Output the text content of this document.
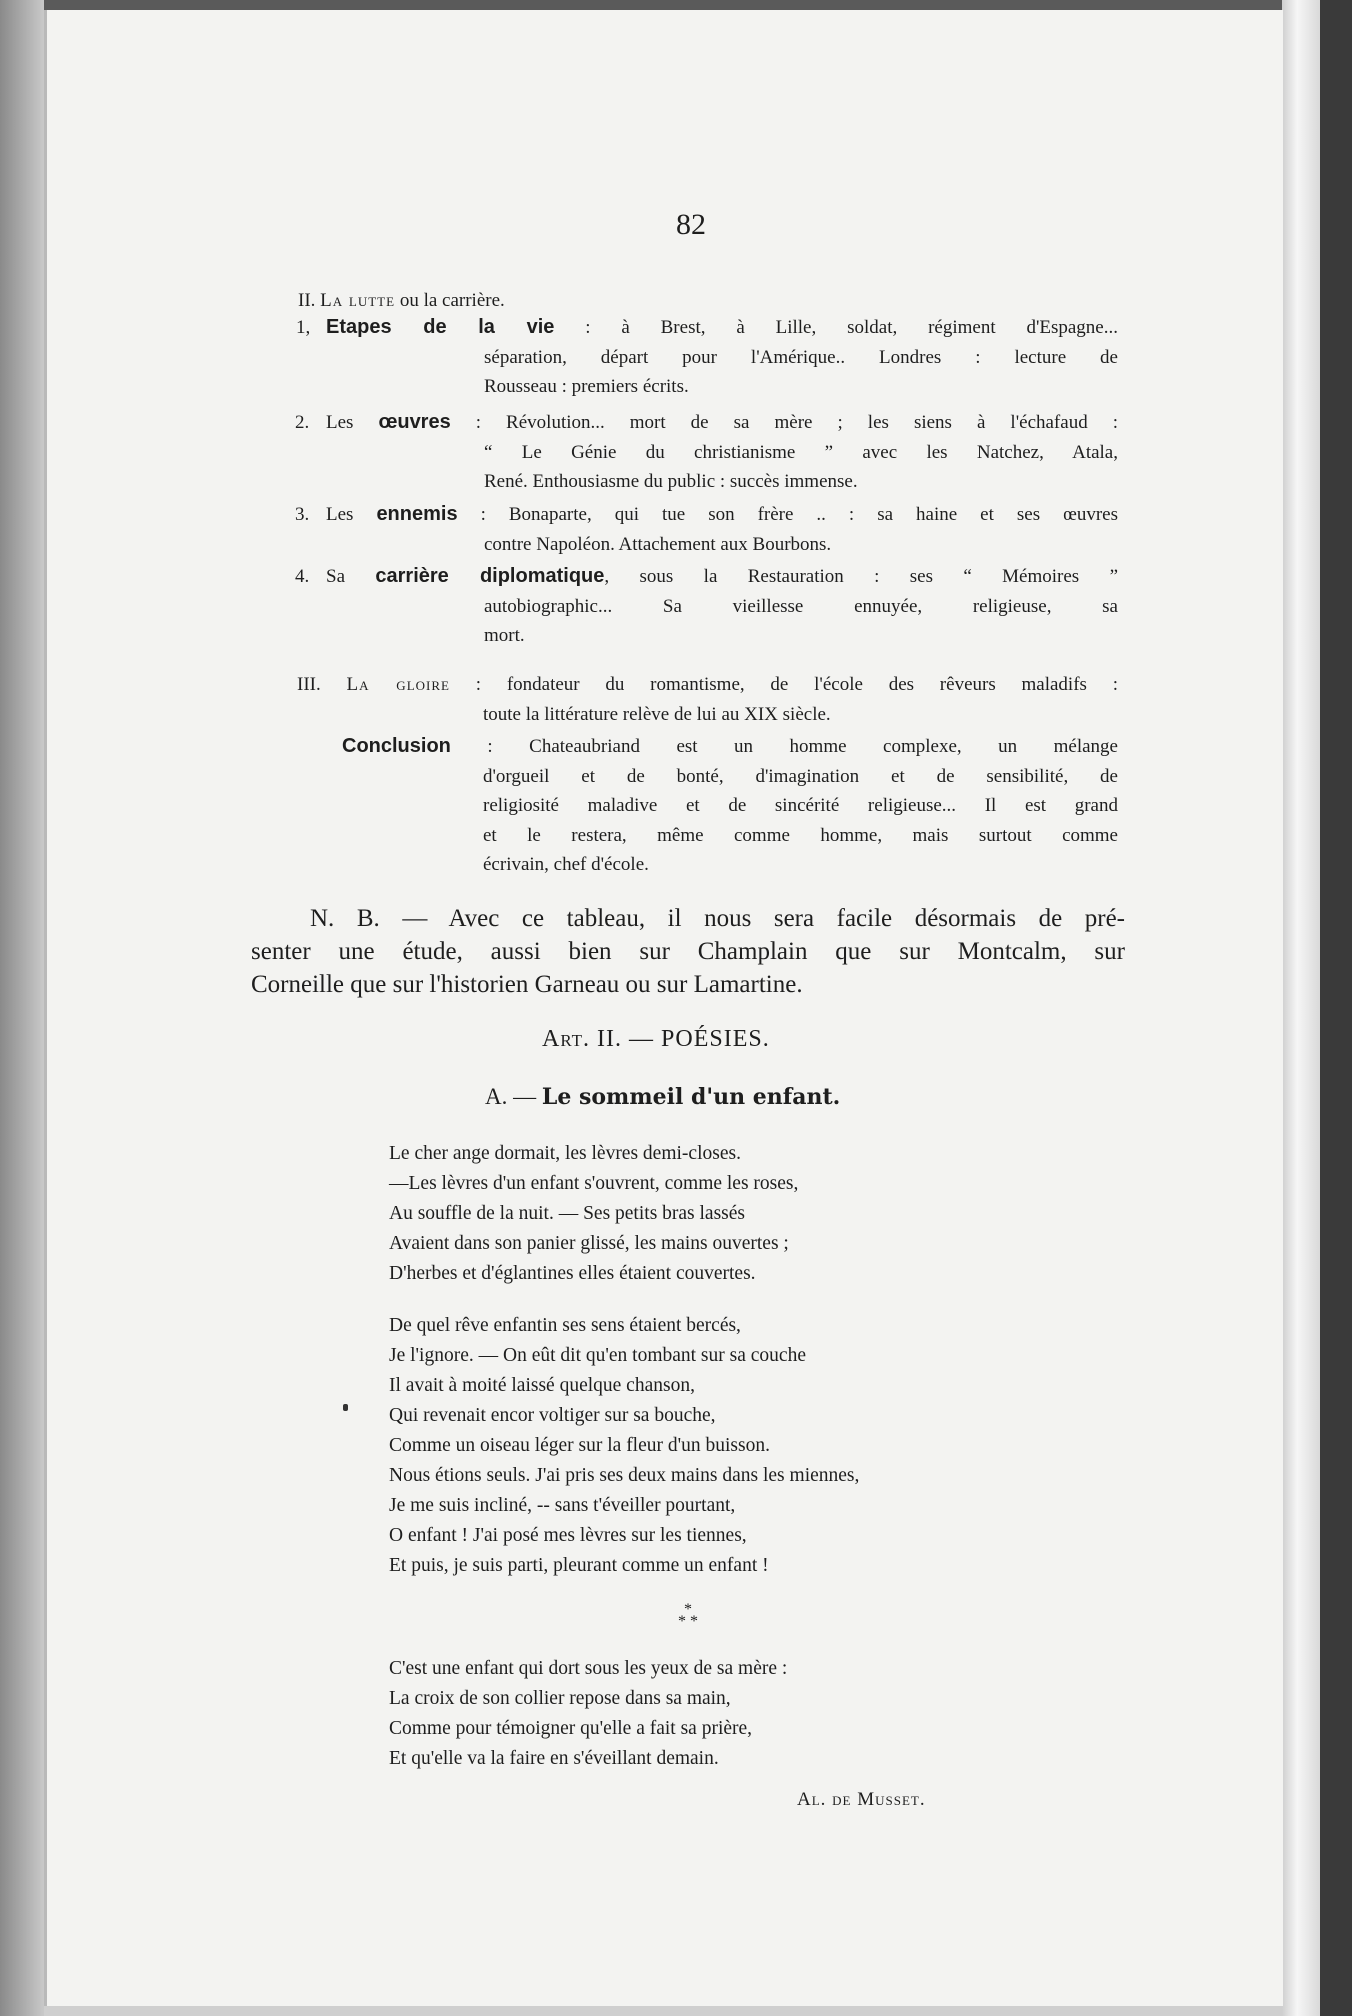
82
II. La lutte ou la carrière.
1, Etapes de la vie : à Brest, à Lille, soldat, régiment d'Espagne...
séparation, départ pour l'Amérique.. Londres : lecture de
Rousseau : premiers écrits.
2. Les œuvres : Révolution... mort de sa mère ; les siens à l'échafaud :
“ Le Génie du christianisme ” avec les Natchez, Atala,
René. Enthousiasme du public : succès immense.
3. Les ennemis : Bonaparte, qui tue son frère .. : sa haine et ses œuvres
contre Napoléon. Attachement aux Bourbons.
4. Sa carrière diplomatique, sous la Restauration : ses “ Mémoires ”
autobiographic... Sa vieillesse ennuyée, religieuse, sa
mort.
III. La gloire : fondateur du romantisme, de l'école des rêveurs maladifs :
toute la littérature relève de lui au XIX siècle.
Conclusion : Chateaubriand est un homme complexe, un mélange
d'orgueil et de bonté, d'imagination et de sensibilité, de
religiosité maladive et de sincérité religieuse... Il est grand
et le restera, même comme homme, mais surtout comme
écrivain, chef d'école.
N. B. — Avec ce tableau, il nous sera facile désormais de pré-
senter une étude, aussi bien sur Champlain que sur Montcalm, sur
Corneille que sur l'historien Garneau ou sur Lamartine.
Art. II. — POÉSIES.
A. — Le sommeil d'un enfant.
Le cher ange dormait, les lèvres demi-closes.
—Les lèvres d'un enfant s'ouvrent, comme les roses,
Au souffle de la nuit. — Ses petits bras lassés
Avaient dans son panier glissé, les mains ouvertes ;
D'herbes et d'églantines elles étaient couvertes.
De quel rêve enfantin ses sens étaient bercés,
Je l'ignore. — On eût dit qu'en tombant sur sa couche
Il avait à moité laissé quelque chanson,
Qui revenait encor voltiger sur sa bouche,
Comme un oiseau léger sur la fleur d'un buisson.
Nous étions seuls. J'ai pris ses deux mains dans les miennes,
Je me suis incliné, -- sans t'éveiller pourtant,
O enfant ! J'ai posé mes lèvres sur les tiennes,
Et puis, je suis parti, pleurant comme un enfant !
*
* *
C'est une enfant qui dort sous les yeux de sa mère :
La croix de son collier repose dans sa main,
Comme pour témoigner qu'elle a fait sa prière,
Et qu'elle va la faire en s'éveillant demain.
Al. de Musset.
